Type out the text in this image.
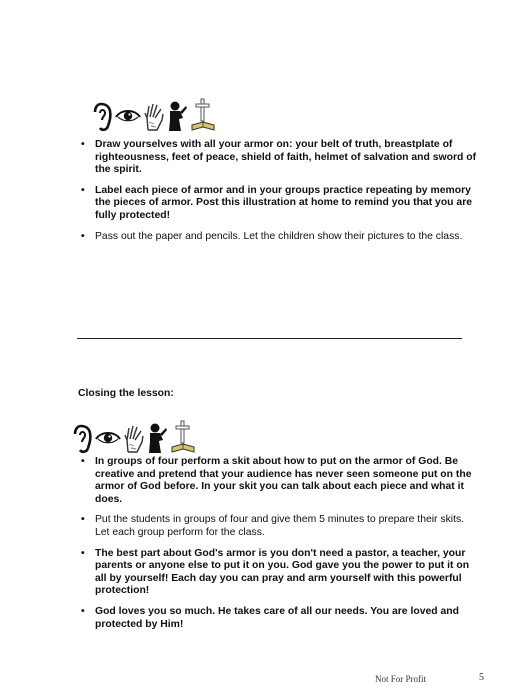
• Draw yourselves with all your armor on: your belt of truth, breastplate of righteousness, feet of peace, shield of faith, helmet of salvation and sword of the spirit.
• Label each piece of armor and in your groups practice repeating by memory the pieces of armor. Post this illustration at home to remind you that you are fully protected!
• Pass out the paper and pencils. Let the children show their pictures to the class.
Closing the lesson:
• In groups of four perform a skit about how to put on the armor of God. Be creative and pretend that your audience has never seen someone put on the armor of God before. In your skit you can talk about each piece and what it does.
• Put the students in groups of four and give them 5 minutes to prepare their skits. Let each group perform for the class.
• The best part about God's armor is you don't need a pastor, a teacher, your parents or anyone else to put it on you. God gave you the power to put it on all by yourself! Each day you can pray and arm yourself with this powerful protection!
• God loves you so much. He takes care of all our needs. You are loved and protected by Him!
Not For Profit	5
